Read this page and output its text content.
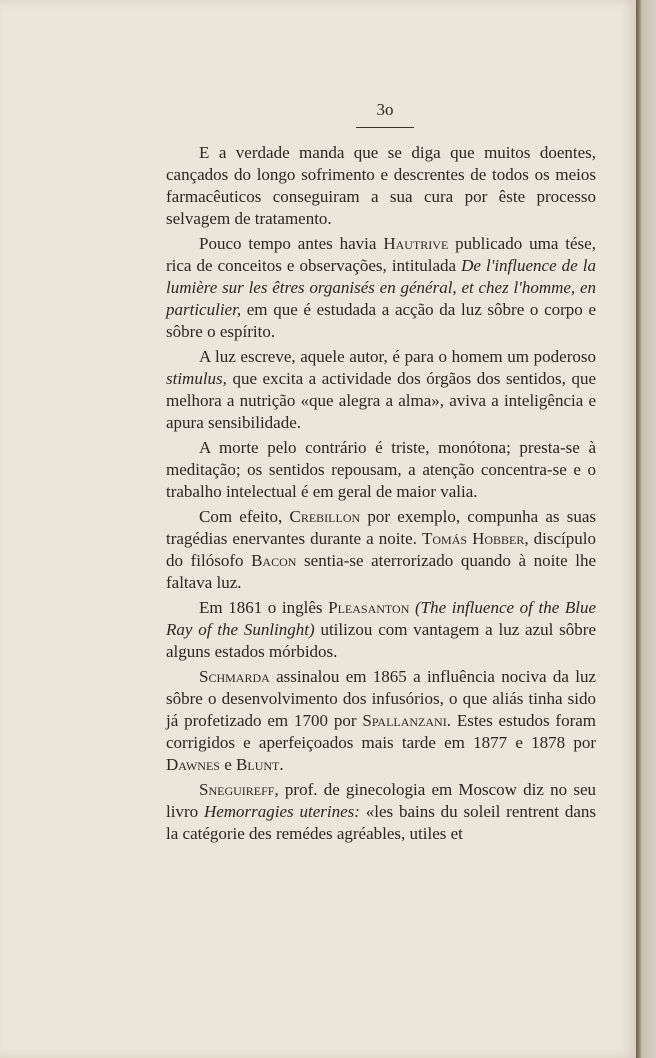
3o

E a verdade manda que se diga que muitos doentes, cançados do longo sofrimento e descrentes de todos os meios farmacêuticos conseguiram a sua cura por êste processo selvagem de tratamento.

Pouco tempo antes havia Hautrive publicado uma tése, rica de conceitos e observações, intitulada De l'influence de la lumière sur les êtres organisés en général, et chez l'homme, en particulier, em que é estudada a acção da luz sôbre o corpo e sôbre o espírito.

A luz escreve, aquele autor, é para o homem um poderoso stimulus, que excita a actividade dos órgãos dos sentidos, que melhora a nutrição «que alegra a alma», aviva a inteligência e apura sensibilidade.

A morte pelo contrário é triste, monótona; presta-se à meditação; os sentidos repousam, a atenção concentra-se e o trabalho intelectual é em geral de maior valia.

Com efeito, Crebillon por exemplo, compunha as suas tragédias enervantes durante a noite. Tomás Hobber, discípulo do filósofo Bacon sentia-se aterrorizado quando à noite lhe faltava luz.

Em 1861 o inglês Pleasanton (The influence of the Blue Ray of the Sunlinght) utilizou com vantagem a luz azul sôbre alguns estados mórbidos.

Schmarda assinalou em 1865 a influência nociva da luz sôbre o desenvolvimento dos infusórios, o que aliás tinha sido já profetizado em 1700 por Spallanzani. Estes estudos foram corrigidos e aperfeiçoados mais tarde em 1877 e 1878 por Dawnes e Blunt.

Sneguireff, prof. de ginecologia em Moscow diz no seu livro Hemorragies uterines: «les bains du soleil rentrent dans la catégorie des remédes agréables, utiles et
